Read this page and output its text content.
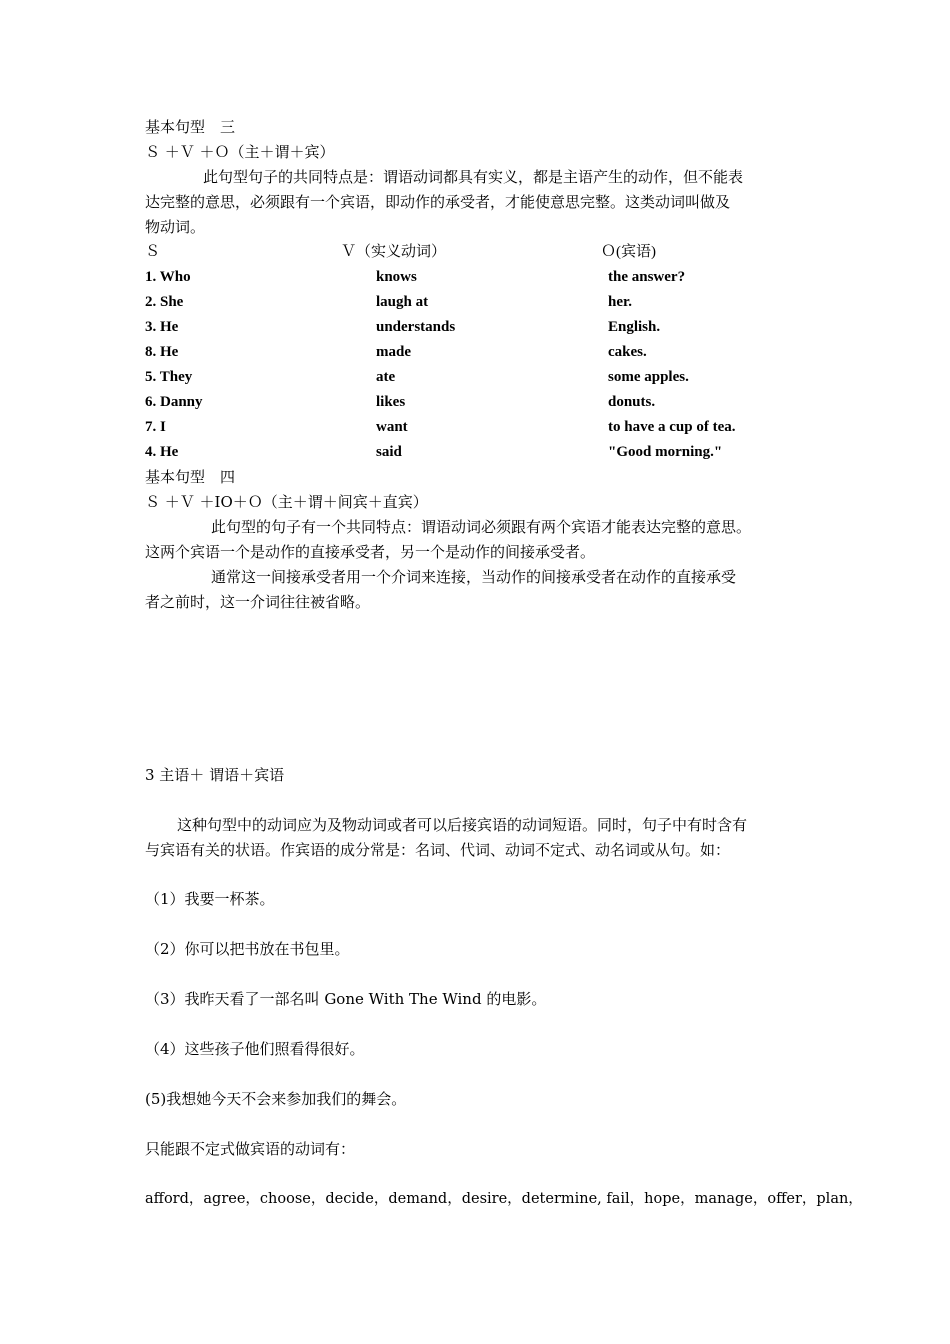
基本句型　三
Ｓ ＋Ｖ ＋Ｏ（主＋谓＋宾）
此句型句子的共同特点是：谓语动词都具有实义，都是主语产生的动作，但不能表
达完整的意思，必须跟有一个宾语，即动作的承受者，才能使意思完整。这类动词叫做及
物动词。
Ｓ	Ｖ（实义动词）	Ｏ(宾语)
1. Who	knows	the answer?
2. She	laugh at	her.
3. He	understands	English.
8. He	made	cakes.
5. They	ate	some apples.
6. Danny	likes	donuts.
7. I	want	to have a cup of tea.
4. He	said	"Good morning."
基本句型　四
Ｓ ＋Ｖ ＋IO＋Ｏ（主＋谓＋间宾＋直宾）
此句型的句子有一个共同特点：谓语动词必须跟有两个宾语才能表达完整的意思。
这两个宾语一个是动作的直接承受者，另一个是动作的间接承受者。
通常这一间接承受者用一个介词来连接，当动作的间接承受者在动作的直接承受
者之前时，这一介词往往被省略。
3 主语＋ 谓语＋宾语
这种句型中的动词应为及物动词或者可以后接宾语的动词短语。同时，句子中有时含有
与宾语有关的状语。作宾语的成分常是：名词、代词、动词不定式、动名词或从句。如：
（1）我要一杯茶。
（2）你可以把书放在书包里。
（3）我昨天看了一部名叫 Gone With The Wind 的电影。
（4）这些孩子他们照看得很好。
(5)我想她今天不会来参加我们的舞会。
只能跟不定式做宾语的动词有：
afford，agree，choose，decide，demand，desire，determine, fail，hope，manage，offer，plan，
